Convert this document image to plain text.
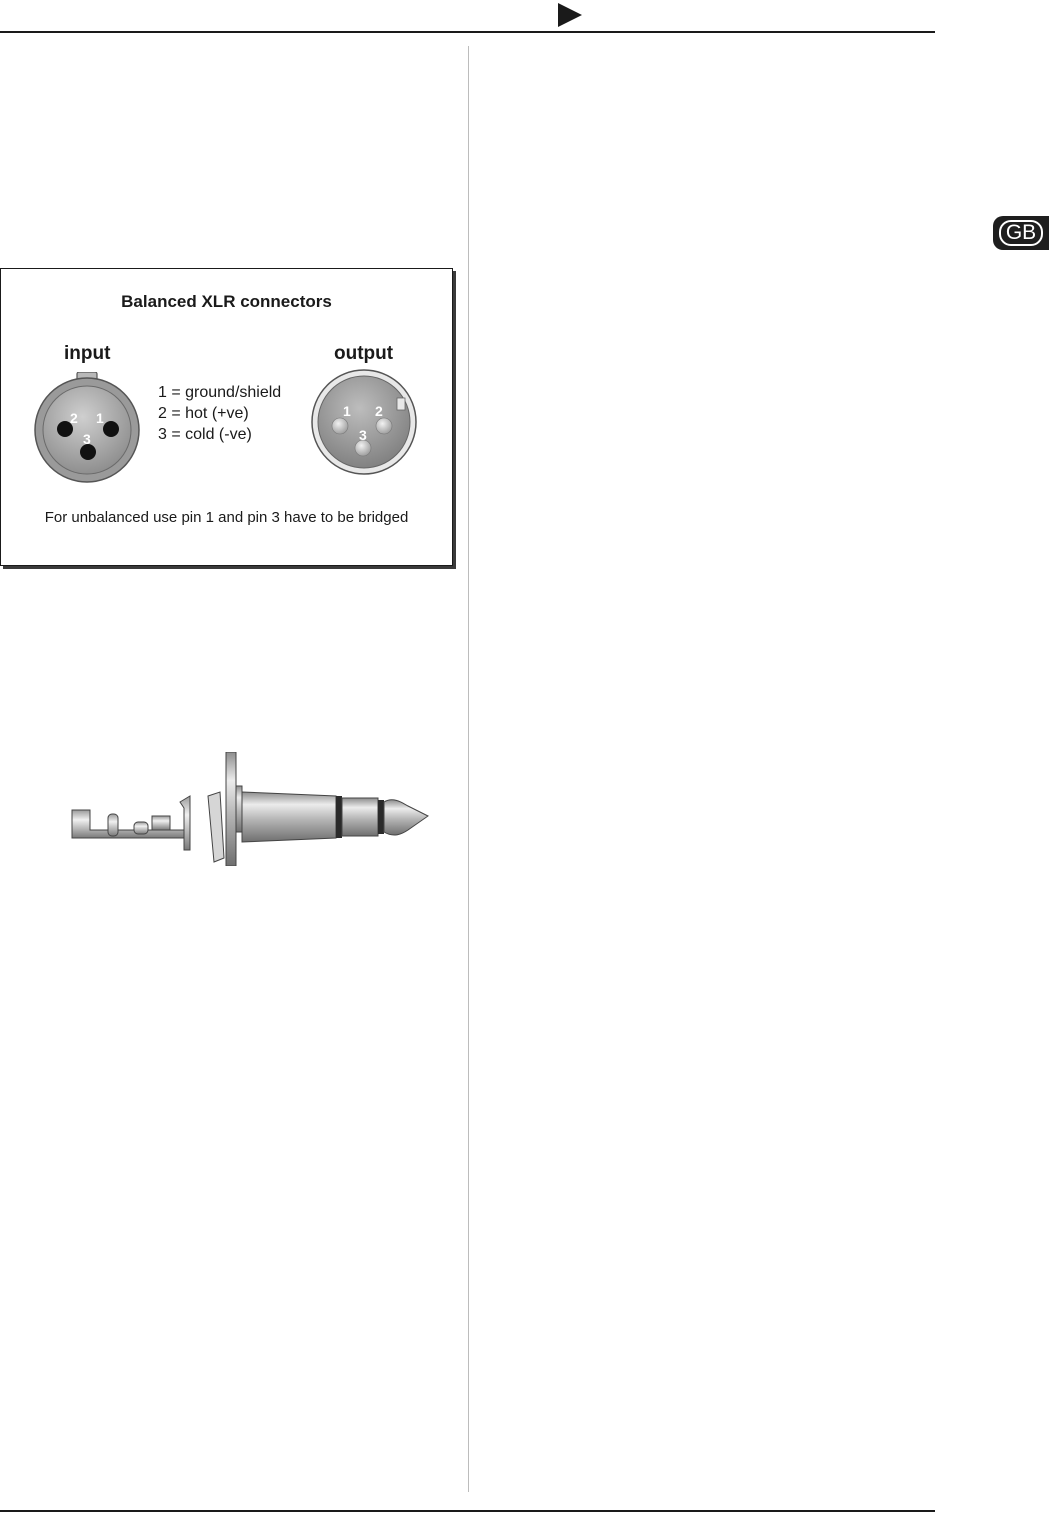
GB
Balanced XLR connectors
input	output
1 = ground/shield
2 = hot (+ve)
3 = cold (-ve)
For unbalanced use pin 1 and pin 3 have to be bridged
2 1
3
1 2
3
